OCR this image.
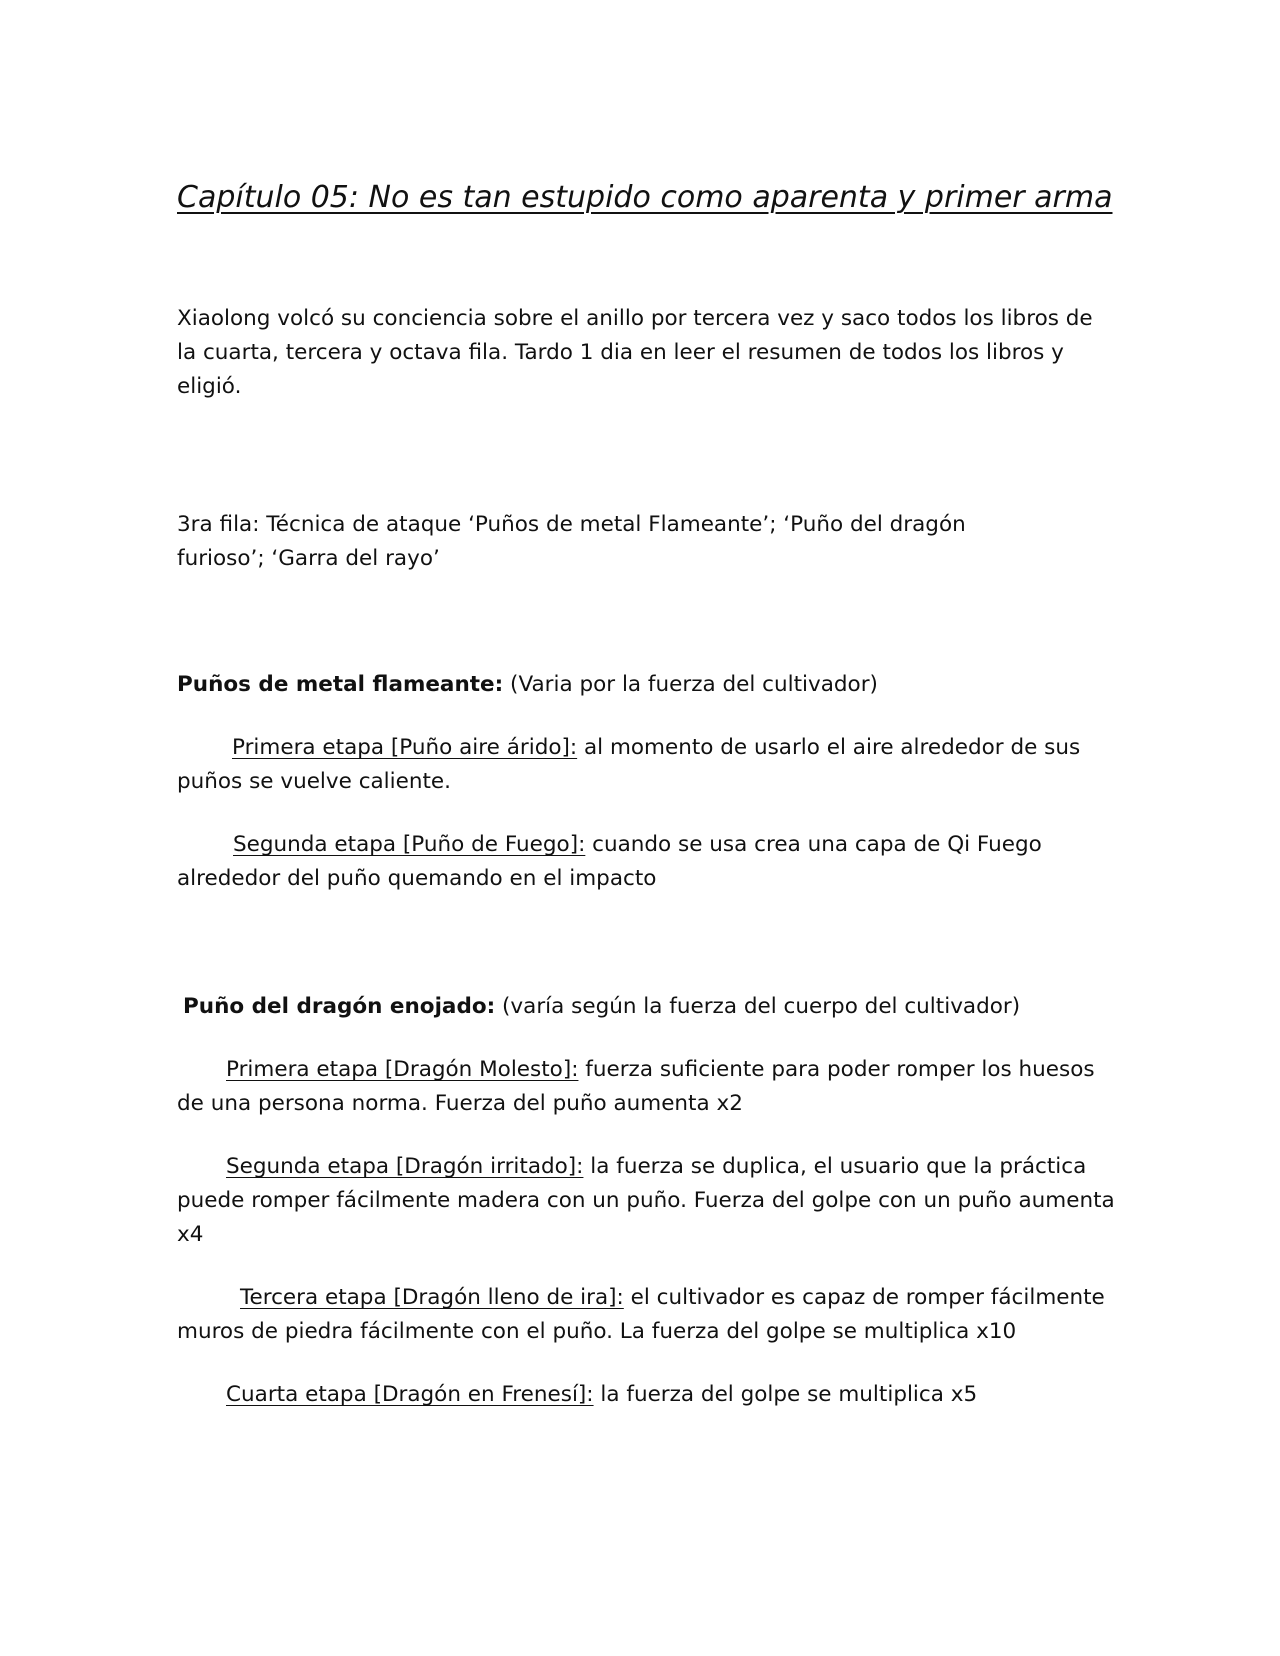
Capítulo 05: No es tan estupido como aparenta y primer arma
Xiaolong volcó su conciencia sobre el anillo por tercera vez y saco todos los libros de
la cuarta, tercera y octava fila. Tardo 1 dia en leer el resumen de todos los libros y
eligió.
3ra fila: Técnica de ataque ‘Puños de metal Flameante’; ‘Puño del dragón
furioso’; ‘Garra del rayo’
Puños de metal flameante: (Varia por la fuerza del cultivador)
Primera etapa [Puño aire árido]: al momento de usarlo el aire alrededor de sus
puños se vuelve caliente.
Segunda etapa [Puño de Fuego]: cuando se usa crea una capa de Qi Fuego
alrededor del puño quemando en el impacto
Puño del dragón enojado: (varía según la fuerza del cuerpo del cultivador)
Primera etapa [Dragón Molesto]: fuerza suficiente para poder romper los huesos
de una persona norma. Fuerza del puño aumenta x2
Segunda etapa [Dragón irritado]: la fuerza se duplica, el usuario que la práctica
puede romper fácilmente madera con un puño. Fuerza del golpe con un puño aumenta
x4
Tercera etapa [Dragón lleno de ira]: el cultivador es capaz de romper fácilmente
muros de piedra fácilmente con el puño. La fuerza del golpe se multiplica x10
Cuarta etapa [Dragón en Frenesí]: la fuerza del golpe se multiplica x5
